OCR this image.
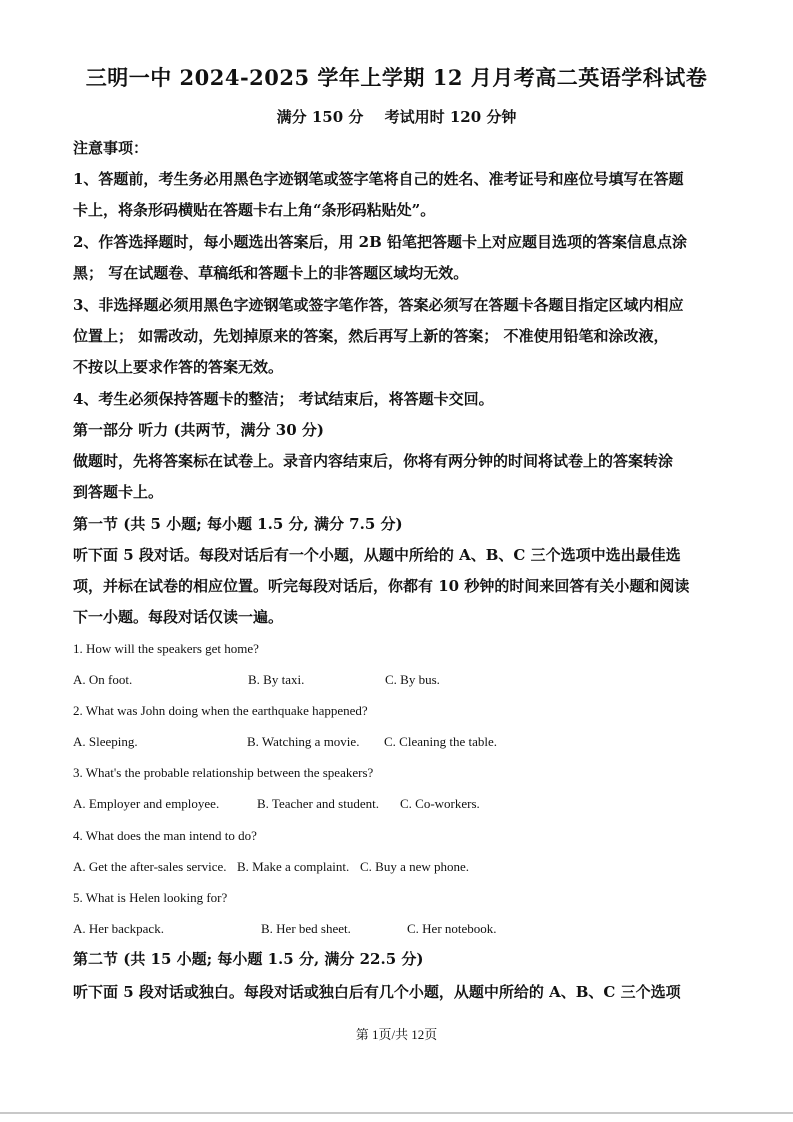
三明一中 2024-2025 学年上学期 12 月月考高二英语学科试卷
满分 150 分 考试用时 120 分钟
注意事项：
1、答题前，考生务必用黑色字迹钢笔或签字笔将自己的姓名、准考证号和座位号填写在答题
卡上，将条形码横贴在答题卡右上角“条形码粘贴处”。
2、作答选择题时，每小题选出答案后，用 2B 铅笔把答题卡上对应题目选项的答案信息点涂
黑； 写在试题卷、草稿纸和答题卡上的非答题区域均无效。
3、非选择题必须用黑色字迹钢笔或签字笔作答，答案必须写在答题卡各题目指定区域内相应
位置上； 如需改动，先划掉原来的答案，然后再写上新的答案； 不准使用铅笔和涂改液，
不按以上要求作答的答案无效。
4、考生必须保持答题卡的整洁； 考试结束后，将答题卡交回。
第一部分 听力 (共两节，满分 30 分)
做题时，先将答案标在试卷上。录音内容结束后，你将有两分钟的时间将试卷上的答案转涂
到答题卡上。
第一节 (共 5 小题; 每小题 1.5 分, 满分 7.5 分)
听下面 5 段对话。每段对话后有一个小题，从题中所给的 A、B、C 三个选项中选出最佳选
项，并标在试卷的相应位置。听完每段对话后，你都有 10 秒钟的时间来回答有关小题和阅读
下一小题。每段对话仅读一遍。
1. How will the speakers get home?
A. On foot.	B. By taxi.	C. By bus.
2. What was John doing when the earthquake happened?
A. Sleeping.	B. Watching a movie. C. Cleaning the table.
3. What's the probable relationship between the speakers?
A. Employer and employee.	B. Teacher and student. C. Co-workers.
4. What does the man intend to do?
A. Get the after-sales service. B. Make a complaint. C. Buy a new phone.
5. What is Helen looking for?
A. Her backpack.	B. Her bed sheet.	C. Her notebook.
第二节 (共 15 小题; 每小题 1.5 分, 满分 22.5 分)
听下面 5 段对话或独白。每段对话或独白后有几个小题，从题中所给的 A、B、C 三个选项
第 1页/共 12页
